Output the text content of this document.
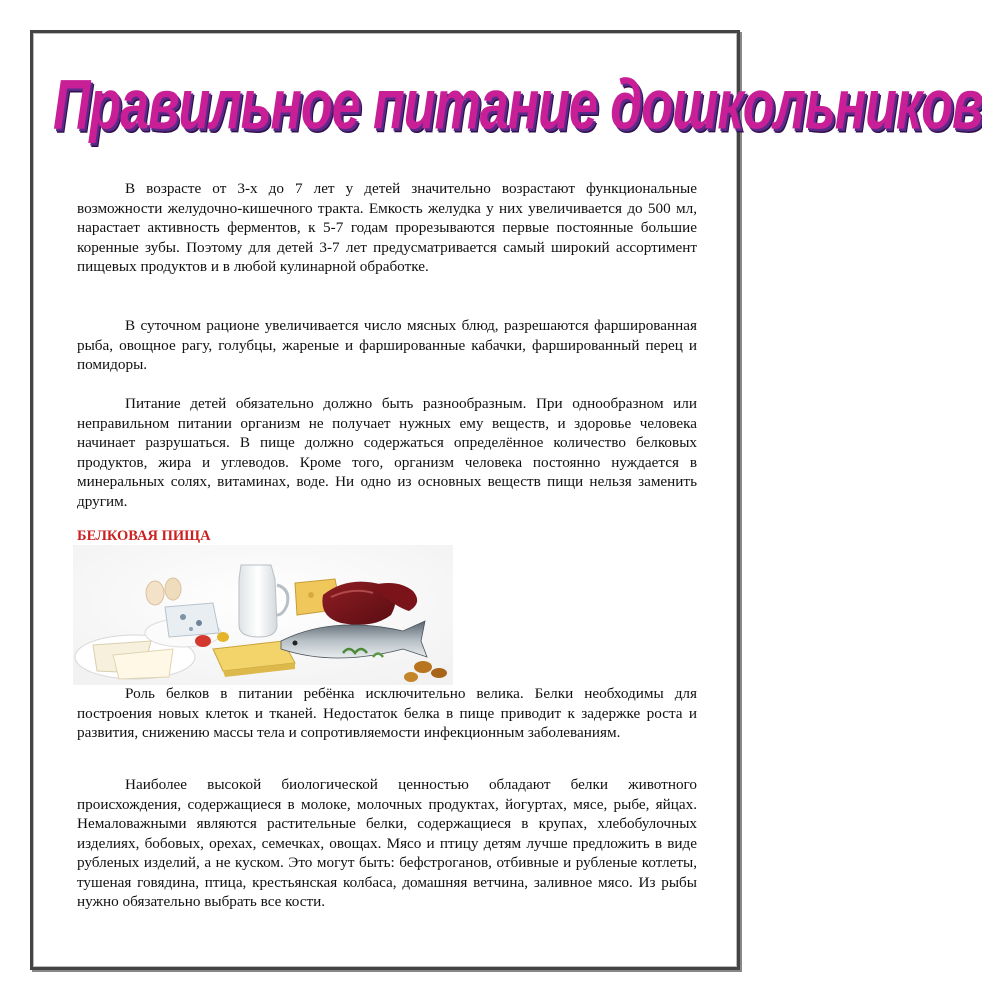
Правильное питание дошкольников

В возрасте от 3-х до 7 лет у детей значительно возрастают функциональные возможности желудочно-кишечного тракта. Емкость желудка у них увеличивается до 500 мл, нарастает активность ферментов, к 5-7 годам прорезываются первые постоянные большие коренные зубы. Поэтому для детей 3-7 лет предусматривается самый широкий ассортимент пищевых продуктов и в любой кулинарной обработке.

В суточном рационе увеличивается число мясных блюд, разрешаются фаршированная рыба, овощное рагу, голубцы, жареные и фаршированные кабачки, фаршированный перец и помидоры.

Питание детей обязательно должно быть разнообразным. При однообразном или неправильном питании организм не получает нужных ему веществ, и здоровье человека начинает разрушаться. В пище должно содержаться определённое количество белковых продуктов, жира и углеводов. Кроме того, организм человека постоянно нуждается в минеральных солях, витаминах, воде. Ни одно из основных веществ пищи нельзя заменить другим.

БЕЛКОВАЯ ПИЩА

Роль белков в питании ребёнка исключительно велика. Белки необходимы для построения новых клеток и тканей. Недостаток белка в пище приводит к задержке роста и развития, снижению массы тела и сопротивляемости инфекционным заболеваниям.

Наиболее высокой биологической ценностью обладают белки животного происхождения, содержащиеся в молоке, молочных продуктах, йогуртах, мясе, рыбе, яйцах. Немаловажными являются растительные белки, содержащиеся в крупах, хлебобулочных изделиях, бобовых, орехах, семечках, овощах. Мясо и птицу детям лучше предложить в виде рубленых изделий, а не куском. Это могут быть: бефстроганов, отбивные и рубленые котлеты, тушеная говядина, птица, крестьянская колбаса, домашняя ветчина, заливное мясо. Из рыбы нужно обязательно выбрать все кости.
